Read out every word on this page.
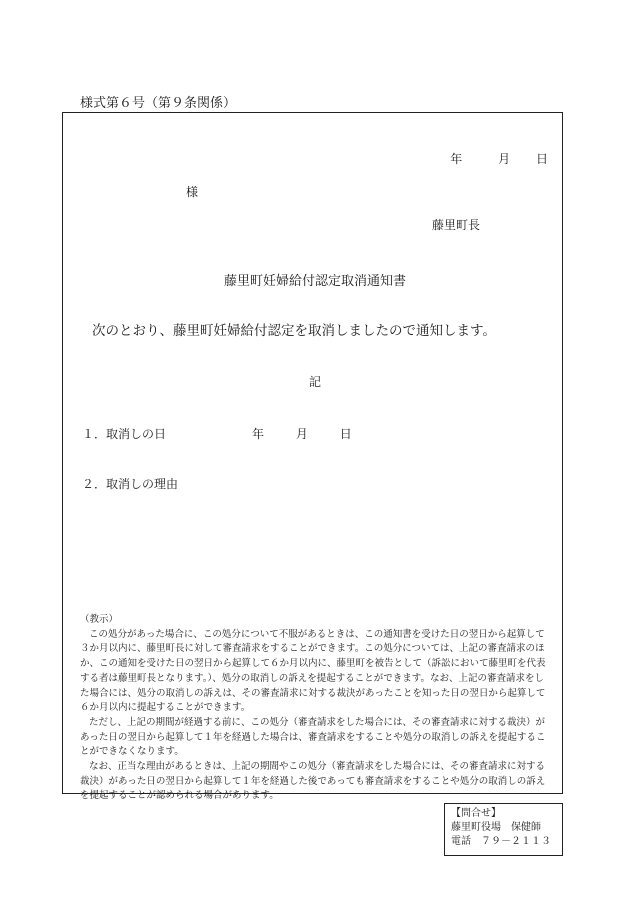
様式第６号（第９条関係）
年	月 日
様
藤里町長
藤里町妊婦給付認定取消通知書
次のとおり、藤里町妊婦給付認定を取消しましたので通知します。
記
１．取消しの日	年	月	日
２．取消しの理由

（教示）

この処分があった場合に、この処分について不服があるときは、この通知書を受けた日の翌日から起算して３か月以内に、藤里町長に対して審査請求をすることができます。この処分については、上記の審査請求のほか、この通知を受けた日の翌日から起算して６か月以内に、藤里町を被告として（訴訟において藤里町を代表する者は藤里町長となります。）、処分の取消しの訴えを提起することができます。なお、上記の審査請求をした場合には、処分の取消しの訴えは、その審査請求に対する裁決があったことを知った日の翌日から起算して６か月以内に提起することができます。

ただし、上記の期間が経過する前に、この処分（審査請求をした場合には、その審査請求に対する裁決）があった日の翌日から起算して１年を経過した場合は、審査請求をすることや処分の取消しの訴えを提起することができなくなります。

なお、正当な理由があるときは、上記の期間やこの処分（審査請求をした場合には、その審査請求に対する裁決）があった日の翌日から起算して１年を経過した後であっても審査請求をすることや処分の取消しの訴えを提起することが認められる場合があります。

【問合せ】
藤里町役場　保健師
電話　７９－２１１３
